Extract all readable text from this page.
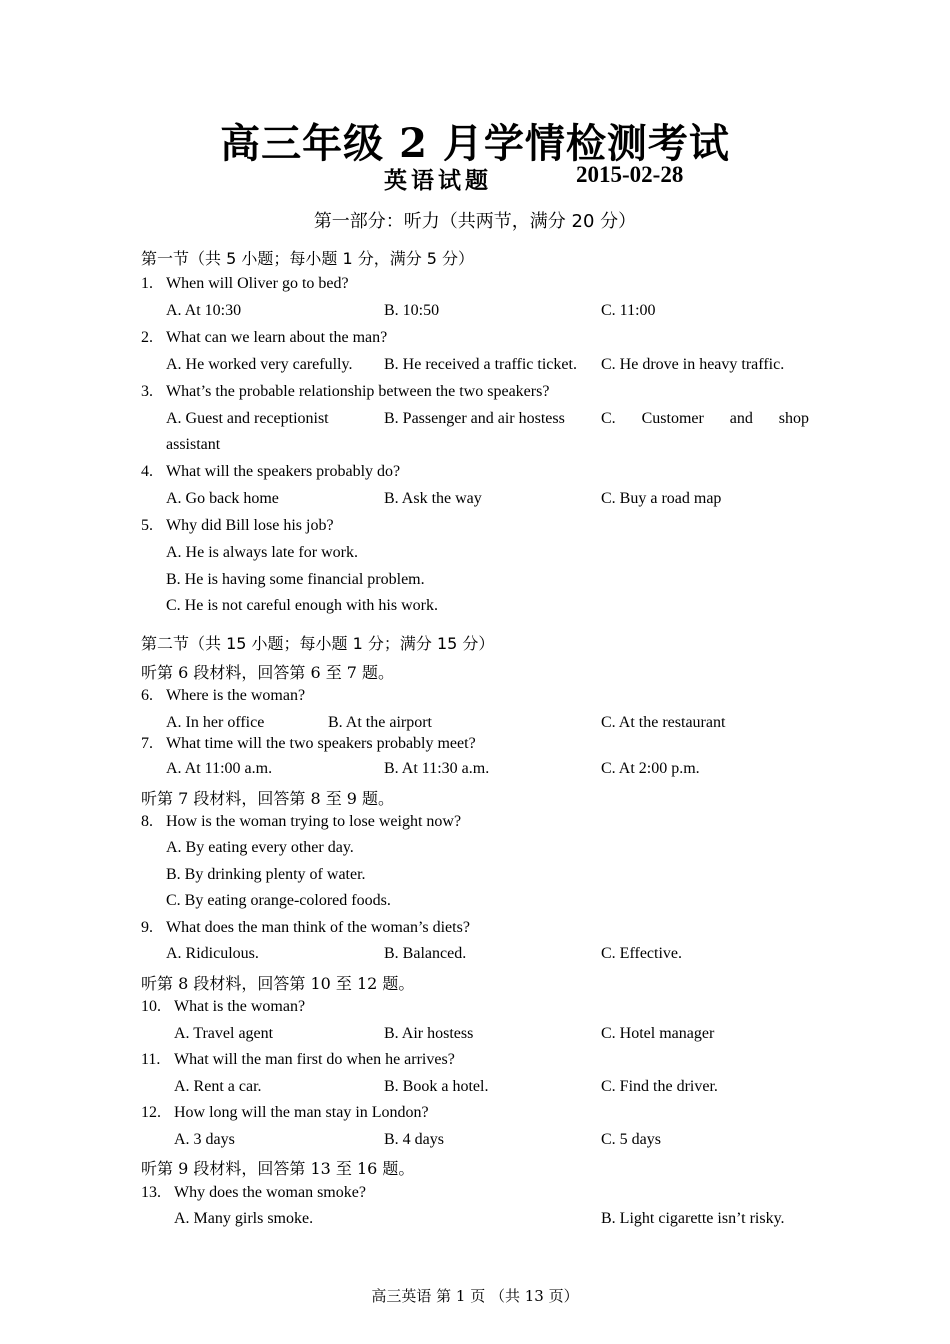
高三年级 2 月学情检测考试
英语试题	2015-02-28
第一部分：听力（共两节，满分 20 分）
第一节（共 5 小题；每小题 1 分，满分 5 分）
1. When will Oliver go to bed?
A. At 10:30	B. 10:50	C. 11:00
2. What can we learn about the man?
A. He worked very carefully. B. He received a traffic ticket. C. He drove in heavy traffic.
3. What’s the probable relationship between the two speakers?
A. Guest and receptionist	B. Passenger and air hostess C. Customer and shop
assistant
4. What will the speakers probably do?
A. Go back home	B. Ask the way	C. Buy a road map
5. Why did Bill lose his job?
A. He is always late for work.
B. He is having some financial problem.
C. He is not careful enough with his work.
第二节（共 15 小题；每小题 1 分；满分 15 分）
听第 6 段材料，回答第 6 至 7 题。
6. Where is the woman?
A. In her office	B. At the airport	C. At the restaurant
7. What time will the two speakers probably meet?
A. At 11:00 a.m.	B. At 11:30 a.m.	C. At 2:00 p.m.
听第 7 段材料，回答第 8 至 9 题。
8. How is the woman trying to lose weight now?
A. By eating every other day.
B. By drinking plenty of water.
C. By eating orange-colored foods.
9. What does the man think of the woman’s diets?
A. Ridiculous.	B. Balanced.	C. Effective.
听第 8 段材料，回答第 10 至 12 题。
10. What is the woman?
A. Travel agent	B. Air hostess	C. Hotel manager
11. What will the man first do when he arrives?
A. Rent a car.	B. Book a hotel.	C. Find the driver.
12. How long will the man stay in London?
A. 3 days	B. 4 days	C. 5 days
听第 9 段材料，回答第 13 至 16 题。
13. Why does the woman smoke?
A. Many girls smoke.	B. Light cigarette isn’t risky.
高三英语 第 1 页 （共 13 页）
